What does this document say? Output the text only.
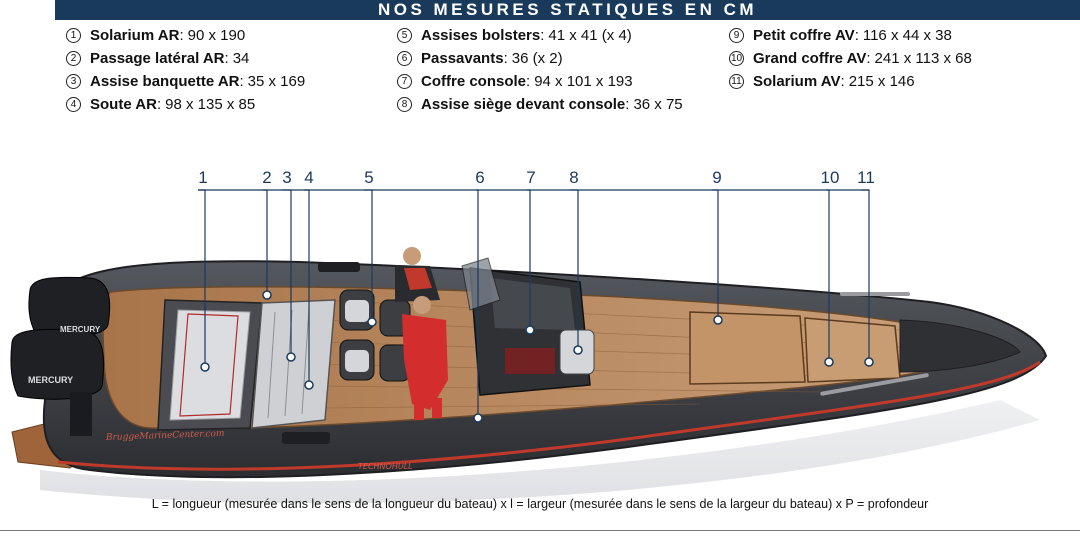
NOS MESURES STATIQUES EN CM
1 Solarium AR : 90 x 190
2 Passage latéral AR : 34
3 Assise banquette AR : 35 x 169
4 Soute AR : 98 x 135 x 85
5 Assises bolsters : 41 x 41 (x 4)
6 Passavants : 36 (x 2)
7 Coffre console : 94 x 101 x 193
8 Assise siège devant console : 36 x 75
9 Petit coffre AV : 116 x 44 x 38
10 Grand coffre AV : 241 x 113 x 68
11 Solarium AV : 215 x 146
MERCURY
MERCURY
BruggeMarineCenter.com
TECHNOHULL
1	2 3 4	5	6 7 8	9	10 11
L = longueur (mesurée dans le sens de la longueur du bateau) x l = largeur (mesurée dans le sens de la largeur du bateau) x P = profondeur
